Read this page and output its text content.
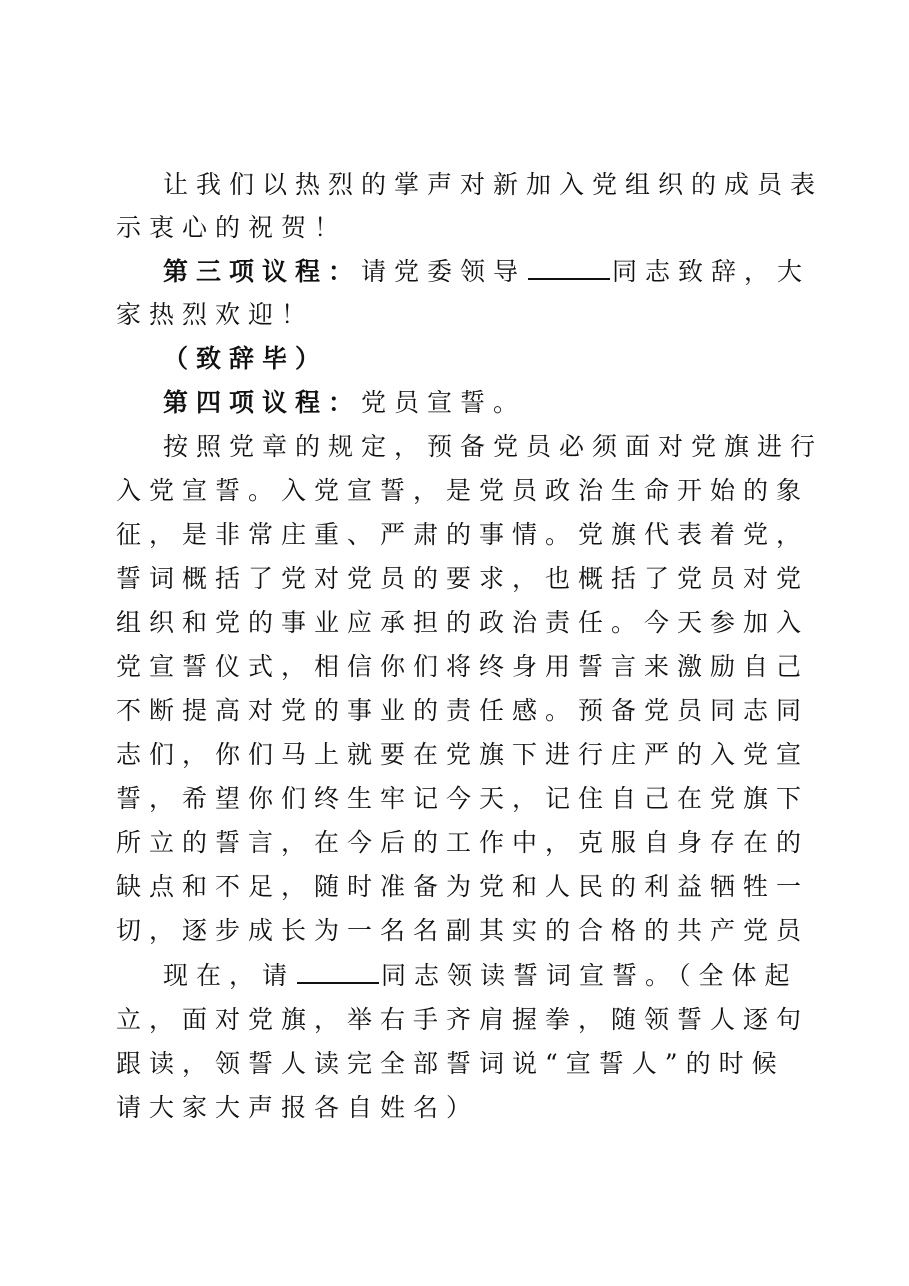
让我们以热烈的掌声对新加入党组织的成员表
示衷心的祝贺！
第三项议程：请党委领导	同志致辞，大
家热烈欢迎！
（致辞毕）
第四项议程：党员宣誓。
按照党章的规定，预备党员必须面对党旗进行
入党宣誓。入党宣誓，是党员政治生命开始的象
征，是非常庄重、严肃的事情。党旗代表着党，
誓词概括了党对党员的要求，也概括了党员对党
组织和党的事业应承担的政治责任。今天参加入
党宣誓仪式，相信你们将终身用誓言来激励自己
不断提高对党的事业的责任感。预备党员同志同
志们，你们马上就要在党旗下进行庄严的入党宣
誓，希望你们终生牢记今天，记住自己在党旗下
所立的誓言，在今后的工作中，克服自身存在的
缺点和不足，随时准备为党和人民的利益牺牲一
切，逐步成长为一名名副其实的合格的共产党员
现在，请	同志领读誓词宣誓。（全体起
立，面对党旗，举右手齐肩握拳，随领誓人逐句
跟读，领誓人读完全部誓词说“宣誓人”的时候
请大家大声报各自姓名）
